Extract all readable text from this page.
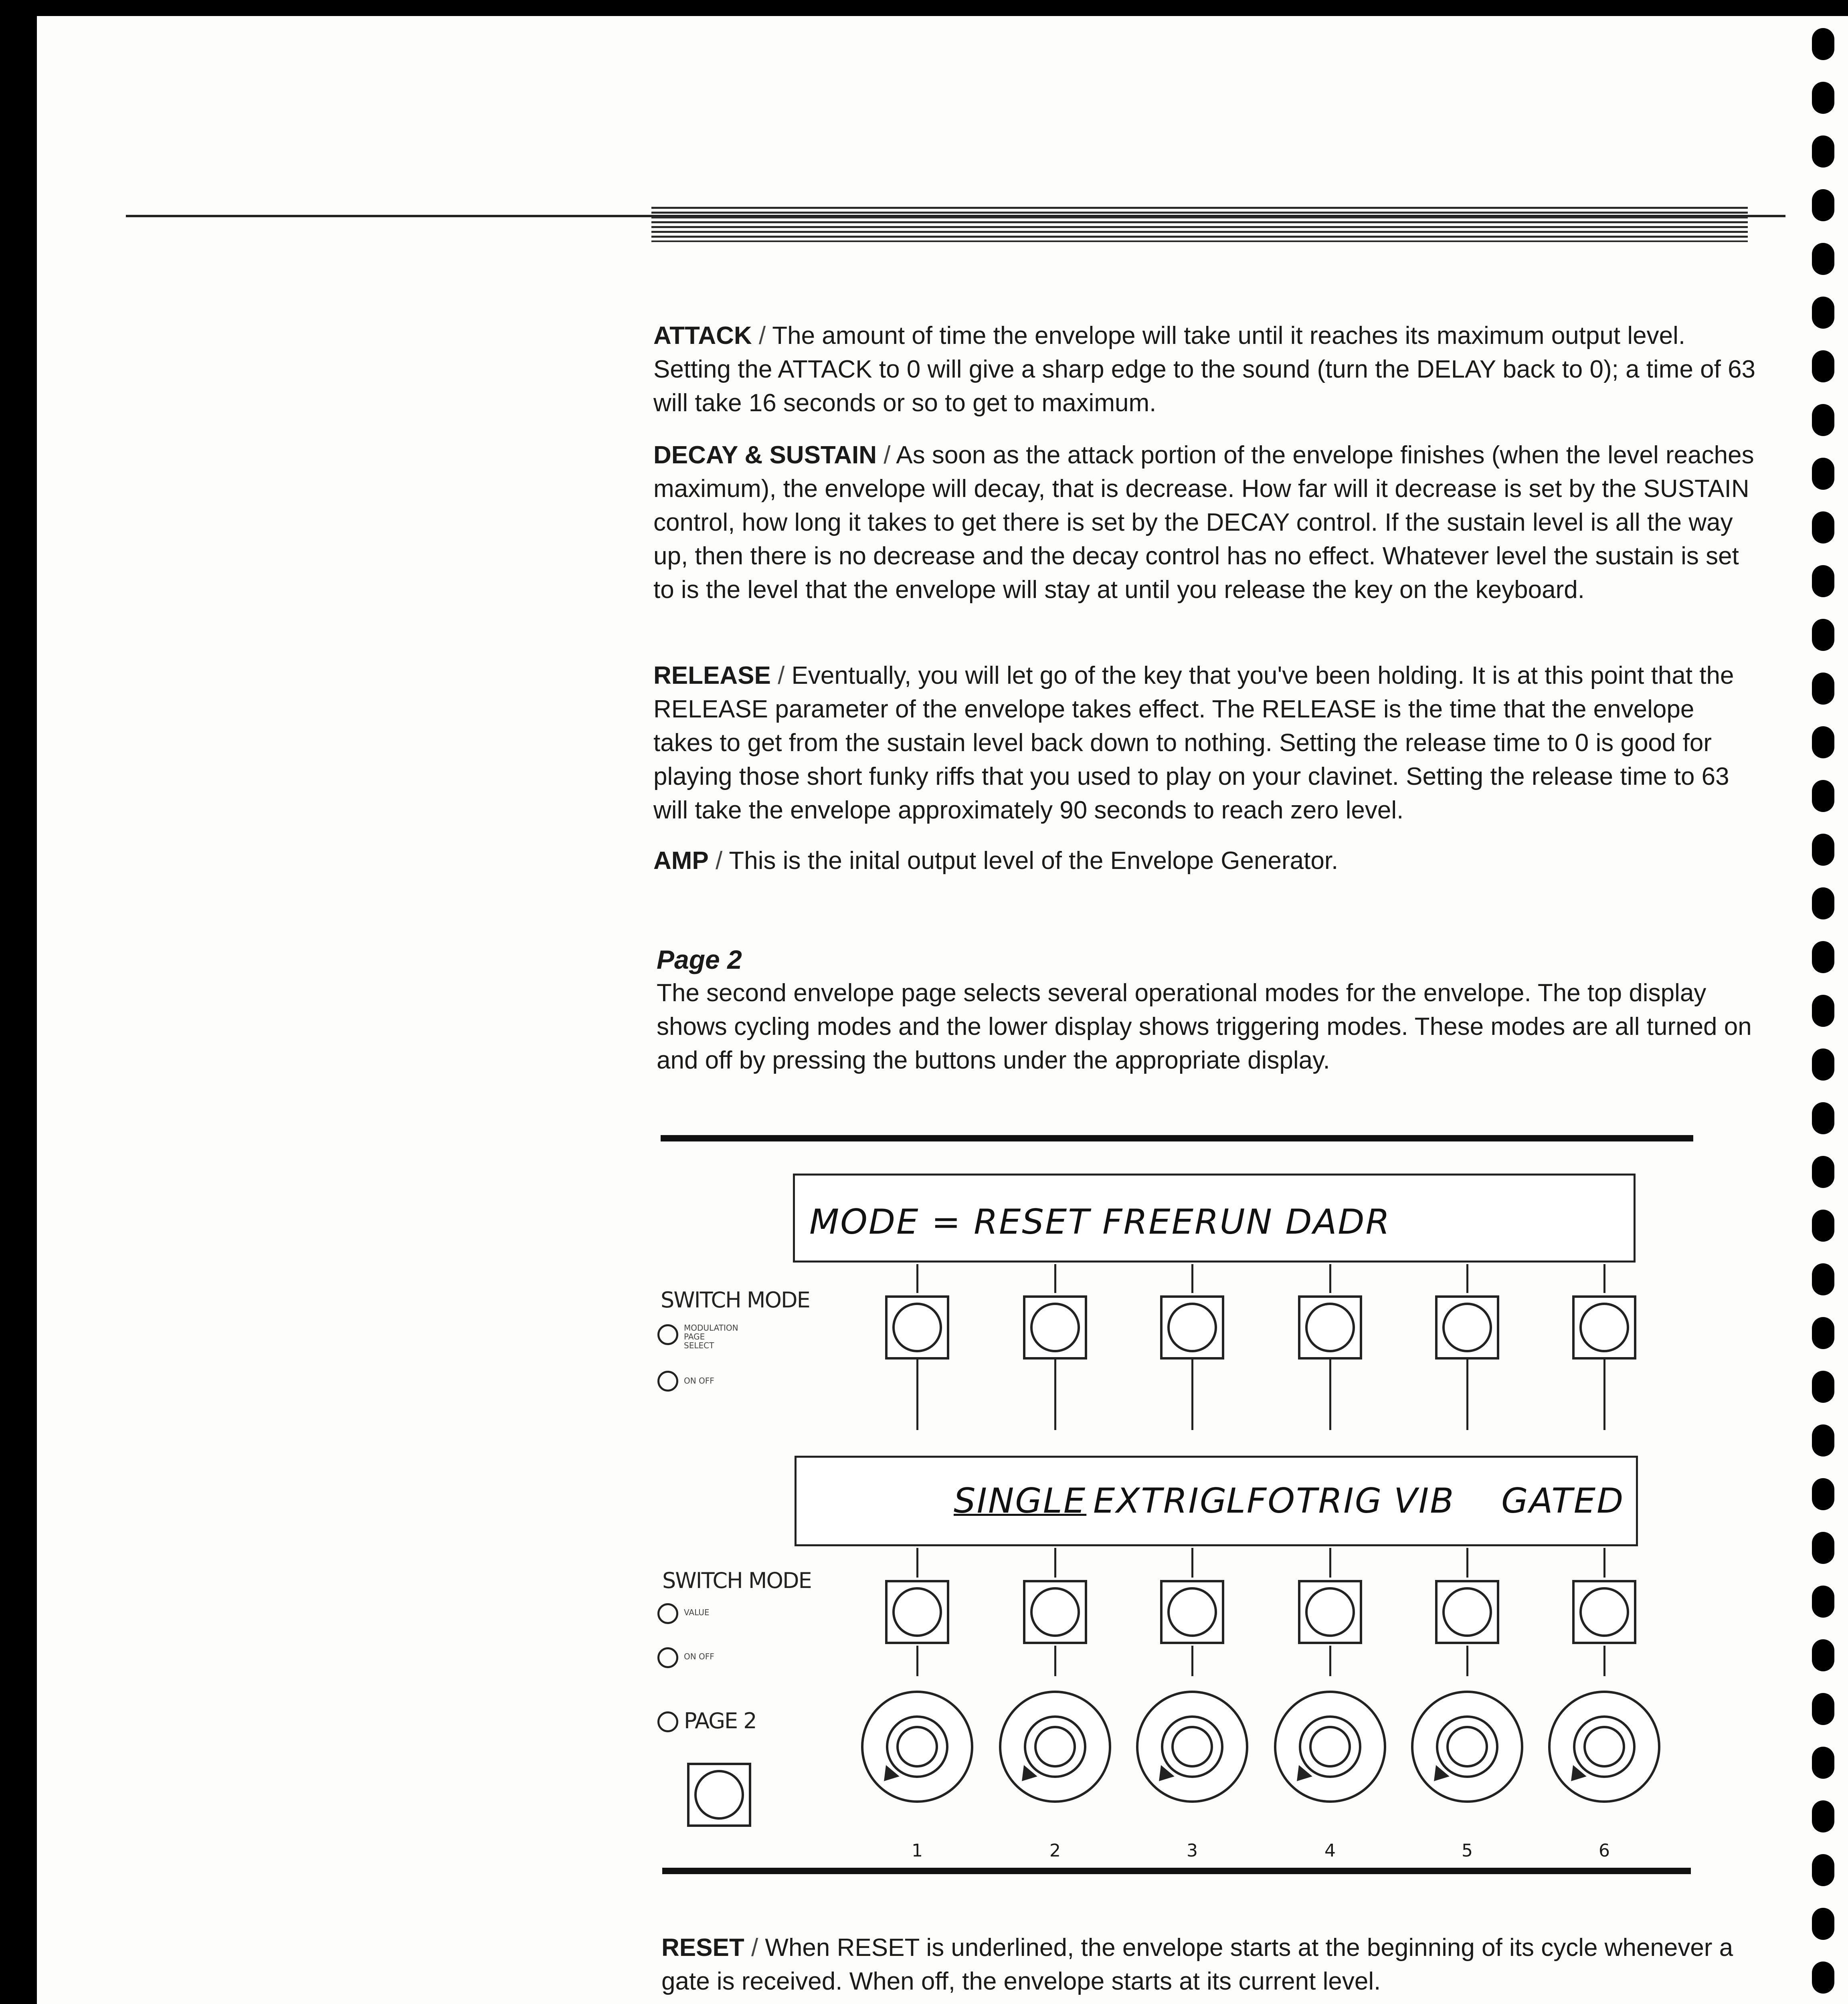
ATTACK / The amount of time the envelope will take until it reaches its maximum output level. Setting the ATTACK to 0 will give a sharp edge to the sound (turn the DELAY back to 0); a time of 63 will take 16 seconds or so to get to maximum.

DECAY & SUSTAIN / As soon as the attack portion of the envelope finishes (when the level reaches maximum), the envelope will decay, that is decrease. How far will it decrease is set by the SUSTAIN control, how long it takes to get there is set by the DECAY control. If the sustain level is all the way up, then there is no decrease and the decay control has no effect. Whatever level the sustain is set to is the level that the envelope will stay at until you release the key on the keyboard.

RELEASE / Eventually, you will let go of the key that you've been holding. It is at this point that the RELEASE parameter of the envelope takes effect. The RELEASE is the time that the envelope takes to get from the sustain level back down to nothing. Setting the release time to 0 is good for playing those short funky riffs that you used to play on your clavinet. Setting the release time to 63 will take the envelope approximately 90 seconds to reach zero level.

AMP / This is the inital output level of the Envelope Generator.

Page 2

The second envelope page selects several operational modes for the envelope. The top display shows cycling modes and the lower display shows triggering modes. These modes are all turned on and off by pressing the buttons under the appropriate display.

MODE = RESET FREERUN DADR
SWITCH MODE
MODULATION PAGE SELECT
ON OFF
SINGLE EXTRIG
LFOTRIG VIB GATED
SWITCH MODE
VALUE
ON OFF
PAGE 2
1	2	3	4	5	6

RESET / When RESET is underlined, the envelope starts at the beginning of its cycle whenever a gate is received. When off, the envelope starts at its current level.
